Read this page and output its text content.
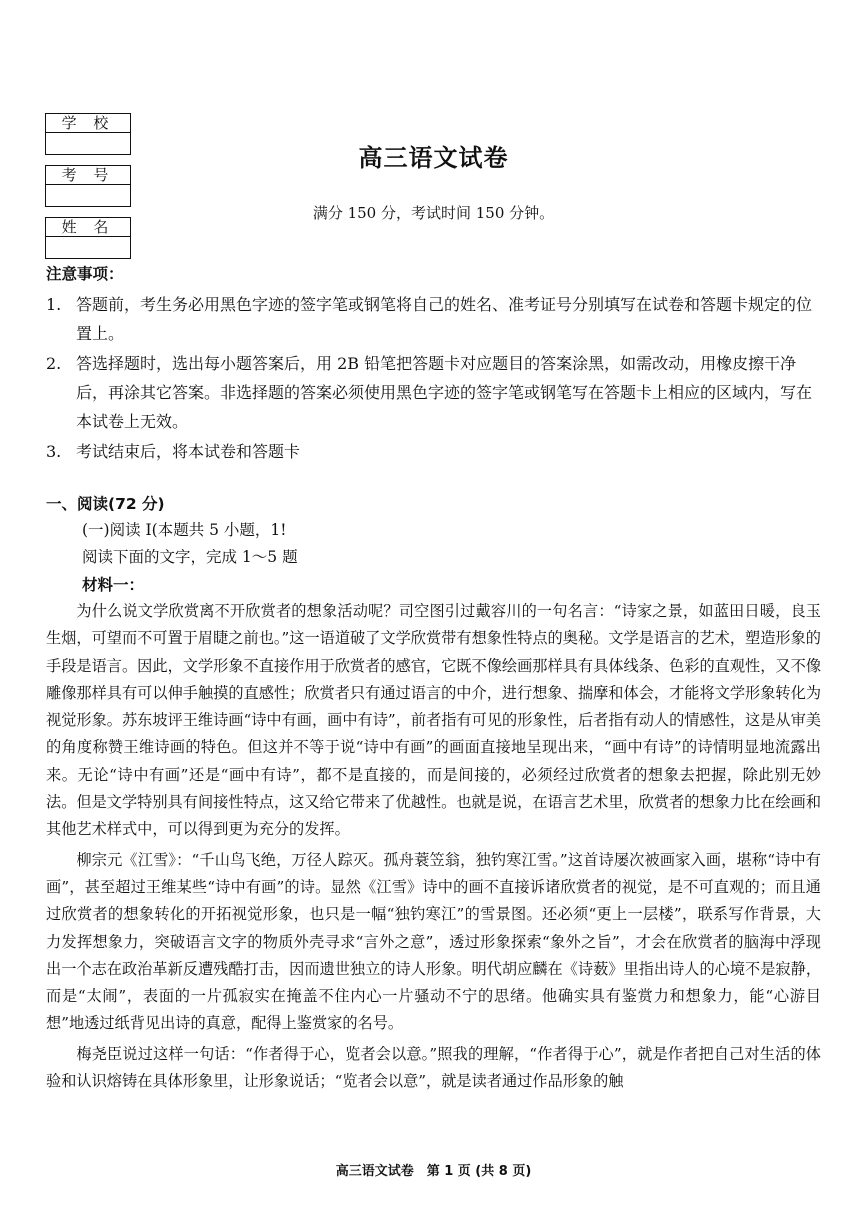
学 校
考 号
姓 名
高三语文试卷
满分 150 分，考试时间 150 分钟。
注意事项：
1. 答题前，考生务必用黑色字迹的签字笔或钢笔将自己的姓名、准考证号分别填写在试卷和答题卡规定的位置上。
2. 答选择题时，选出每小题答案后，用 2B 铅笔把答题卡对应题目的答案涂黑，如需改动，用橡皮擦干净后，再涂其它答案。非选择题的答案必须使用黑色字迹的签字笔或钢笔写在答题卡上相应的区域内，写在本试卷上无效。
3. 考试结束后，将本试卷和答题卡
一、阅读(72 分)
(一)阅读 Ⅰ(本题共 5 小题，1!
阅读下面的文字，完成 1～5 题
材料一：

为什么说文学欣赏离不开欣赏者的想象活动呢？司空图引过戴容川的一句名言：“诗家之景，如蓝田日暖，良玉生烟，可望而不可置于眉睫之前也。”这一语道破了文学欣赏带有想象性特点的奥秘。文学是语言的艺术，塑造形象的手段是语言。因此，文学形象不直接作用于欣赏者的感官，它既不像绘画那样具有具体线条、色彩的直观性，又不像雕像那样具有可以伸手触摸的直感性；欣赏者只有通过语言的中介，进行想象、揣摩和体会，才能将文学形象转化为视觉形象。苏东坡评王维诗画“诗中有画，画中有诗”，前者指有可见的形象性，后者指有动人的情感性，这是从审美的角度称赞王维诗画的特色。但这并不等于说“诗中有画”的画面直接地呈现出来，“画中有诗”的诗情明显地流露出来。无论“诗中有画”还是“画中有诗”，都不是直接的，而是间接的，必须经过欣赏者的想象去把握，除此别无妙法。但是文学特别具有间接性特点，这又给它带来了优越性。也就是说，在语言艺术里，欣赏者的想象力比在绘画和其他艺术样式中，可以得到更为充分的发挥。

柳宗元《江雪》：“千山鸟飞绝，万径人踪灭。孤舟蓑笠翁，独钓寒江雪。”这首诗屡次被画家入画，堪称“诗中有画”，甚至超过王维某些“诗中有画”的诗。显然《江雪》诗中的画不直接诉诸欣赏者的视觉，是不可直观的；而且通过欣赏者的想象转化的开拓视觉形象，也只是一幅“独钓寒江”的雪景图。还必须“更上一层楼”，联系写作背景，大力发挥想象力，突破语言文字的物质外壳寻求“言外之意”，透过形象探索“象外之旨”，才会在欣赏者的脑海中浮现出一个志在政治革新反遭残酷打击，因而遗世独立的诗人形象。明代胡应麟在《诗薮》里指出诗人的心境不是寂静，而是“太闹”，表面的一片孤寂实在掩盖不住内心一片骚动不宁的思绪。他确实具有鉴赏力和想象力，能“心游目想”地透过纸背见出诗的真意，配得上鉴赏家的名号。

梅尧臣说过这样一句话：“作者得于心，览者会以意。”照我的理解，“作者得于心”，就是作者把自己对生活的体验和认识熔铸在具体形象里，让形象说话；“览者会以意”，就是读者通过作品形象的触

高三语文试卷　第 1 页 (共 8 页)
